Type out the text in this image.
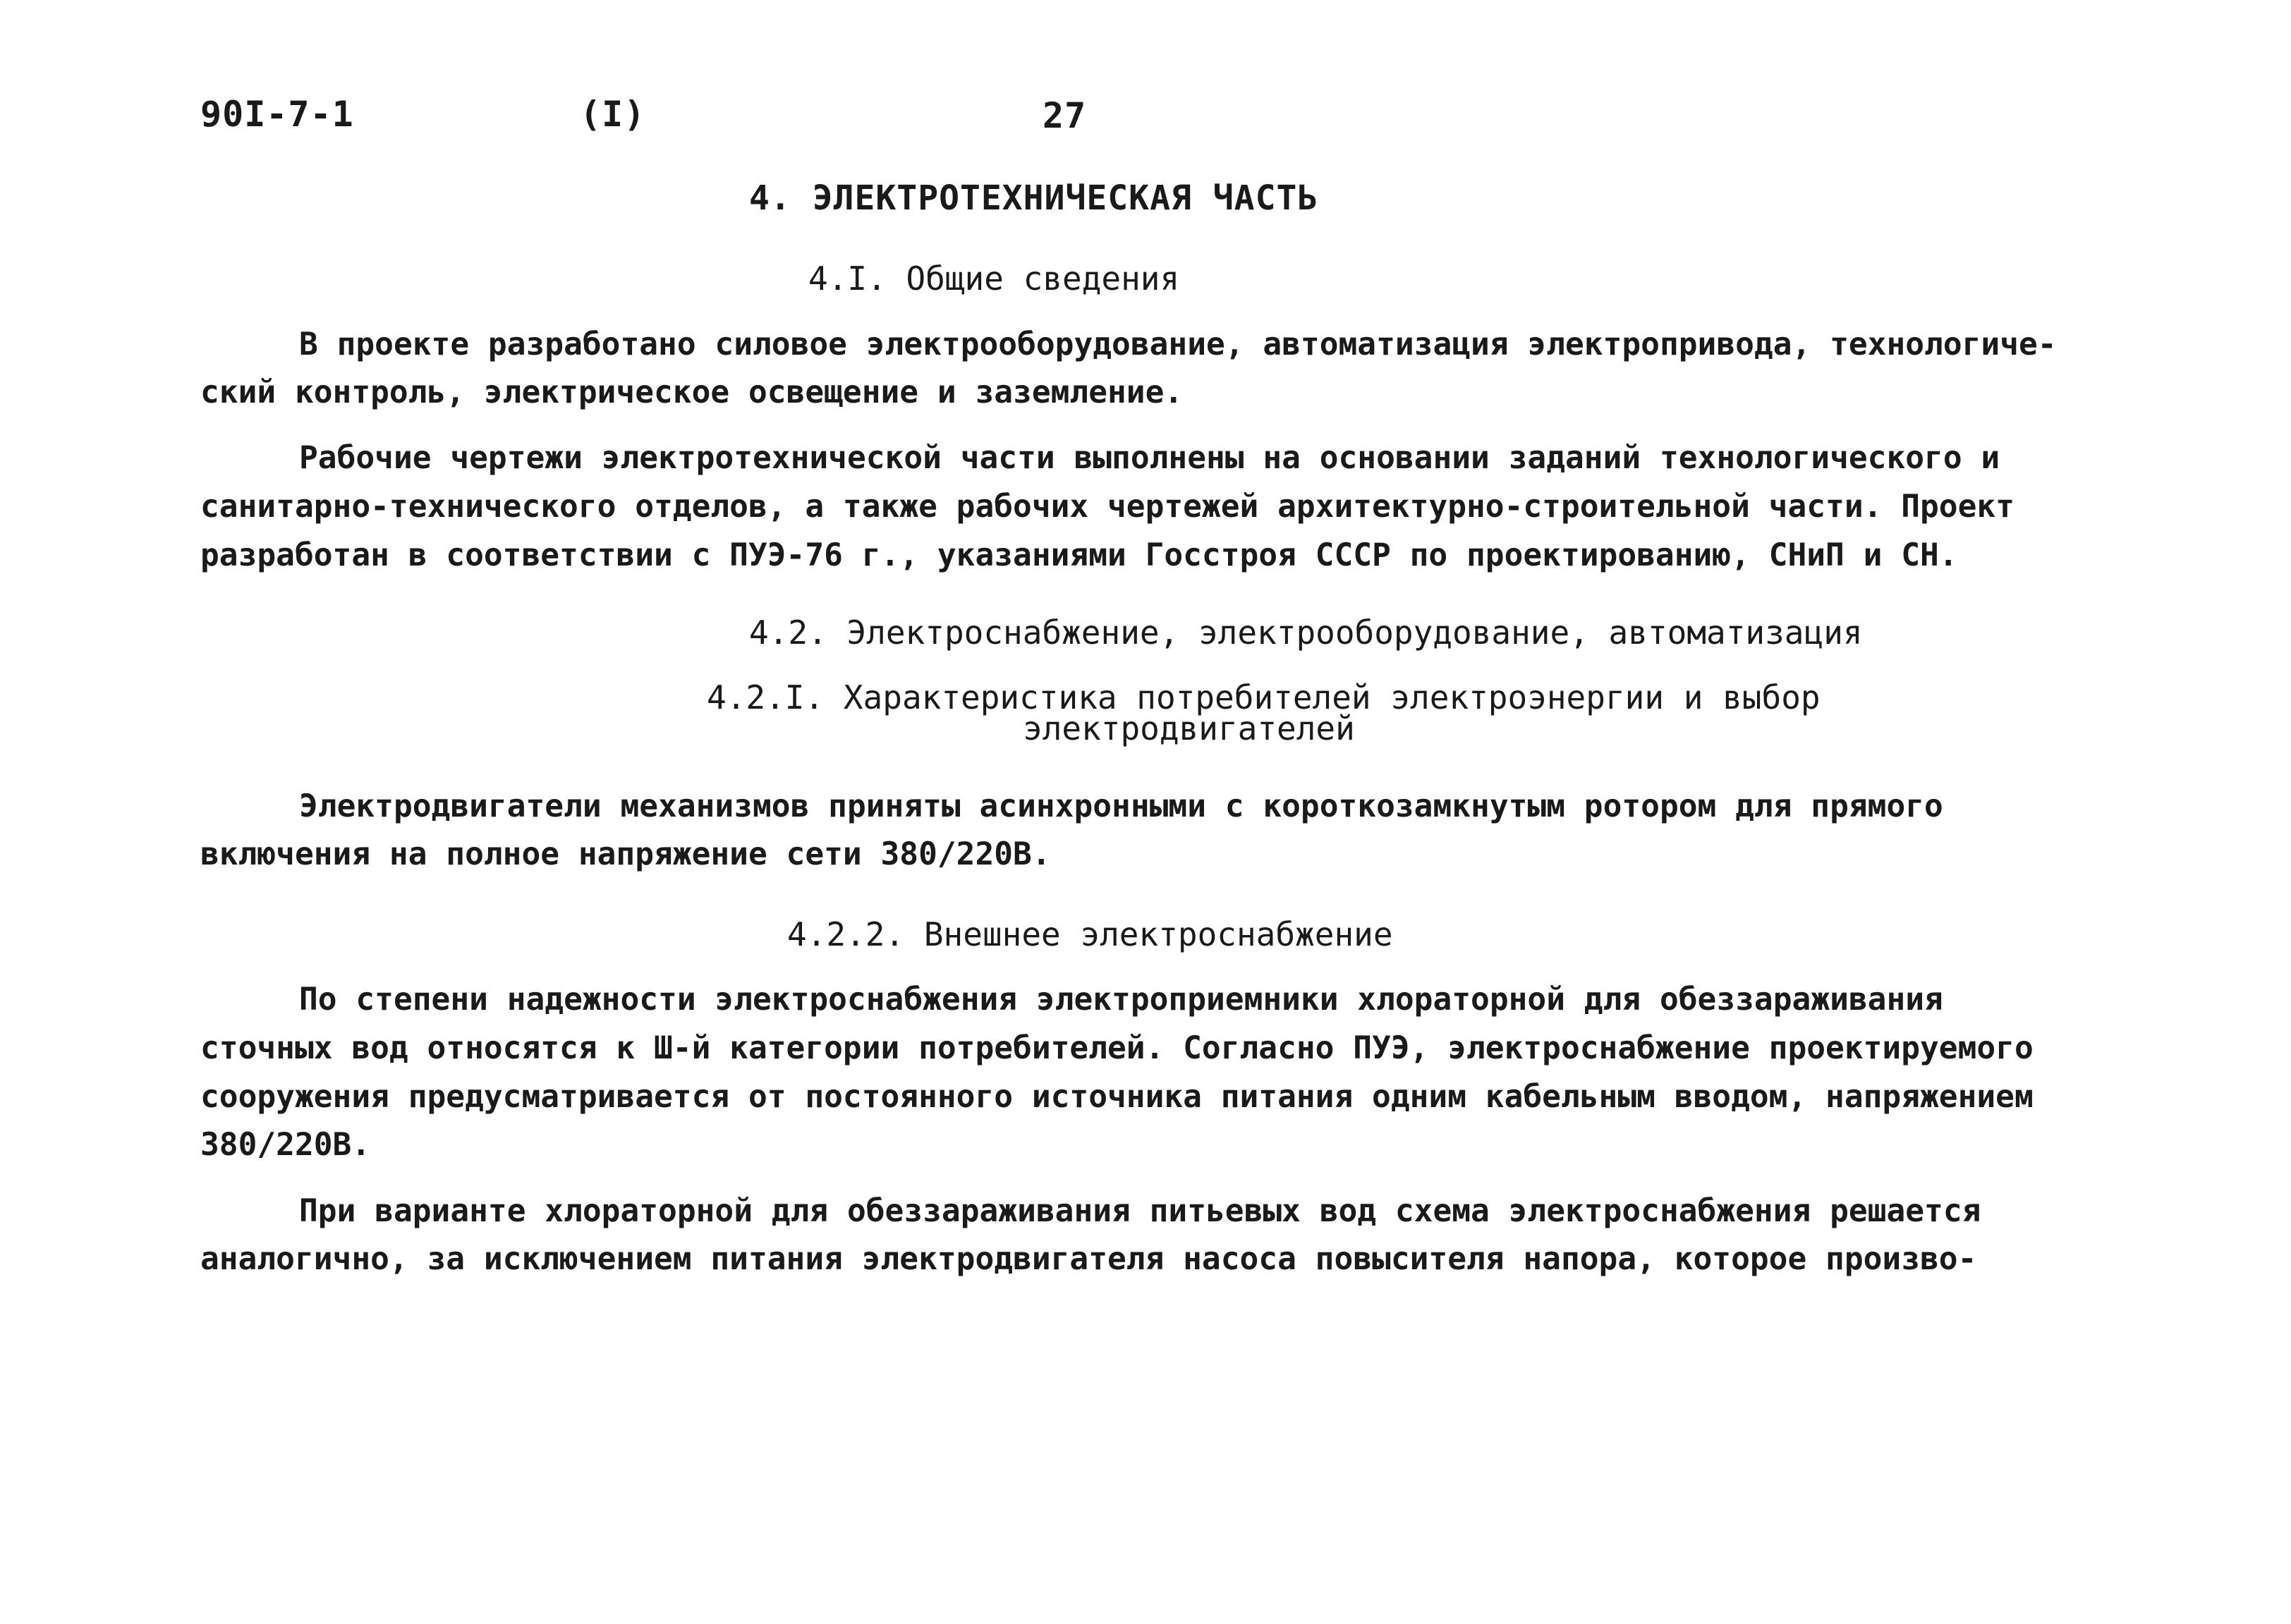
90I-7-1	(I)	27
4. ЭЛЕКТРОТЕХНИЧЕСКАЯ ЧАСТЬ
4.I. Общие сведения
В проекте разработано силовое электрооборудование, автоматизация электропривода, технологиче-
ский контроль, электрическое освещение и заземление.
Рабочие чертежи электротехнической части выполнены на основании заданий технологического и
санитарно-технического отделов, а также рабочих чертежей архитектурно-строительной части. Проект
разработан в соответствии с ПУЭ-76 г., указаниями Госстроя СССР по проектированию, СНиП и СН.
4.2. Электроснабжение, электрооборудование, автоматизация
4.2.I. Характеристика потребителей электроэнергии и выбор
электродвигателей
Электродвигатели механизмов приняты асинхронными с короткозамкнутым ротором для прямого
включения на полное напряжение сети 380/220В.
4.2.2. Внешнее электроснабжение
По степени надежности электроснабжения электроприемники хлораторной для обеззараживания
сточных вод относятся к Ш-й категории потребителей. Согласно ПУЭ, электроснабжение проектируемого
сооружения предусматривается от постоянного источника питания одним кабельным вводом, напряжением
380/220В.
При варианте хлораторной для обеззараживания питьевых вод схема электроснабжения решается
аналогично, за исключением питания электродвигателя насоса повысителя напора, которое произво-
